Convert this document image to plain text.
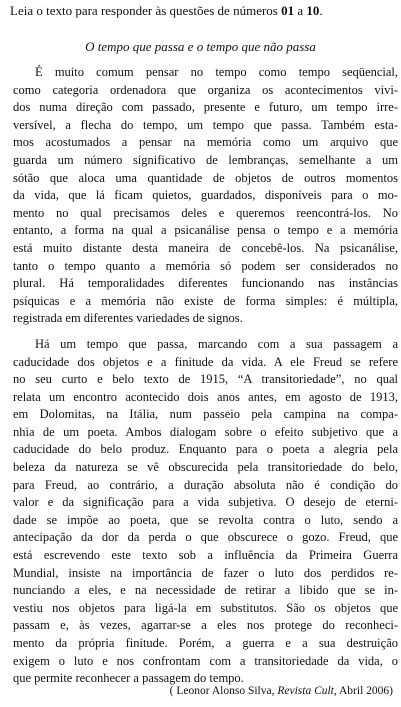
Leia o texto para responder às questões de números 01 a 10.

O tempo que passa e o tempo que não passa

É muito comum pensar no tempo como tempo seqüencial,
como categoria ordenadora que organiza os acontecimentos vivi-
dos numa direção com passado, presente e futuro, um tempo irre-
versível, a flecha do tempo, um tempo que passa. Também esta-
mos acostumados a pensar na memória como um arquivo que
guarda um número significativo de lembranças, semelhante a um
sótão que aloca uma quantidade de objetos de outros momentos
da vida, que lá ficam quietos, guardados, disponíveis para o mo-
mento no qual precisamos deles e queremos reencontrá-los. No
entanto, a forma na qual a psicanálise pensa o tempo e a memória
está muito distante desta maneira de concebê-los. Na psicanálise,
tanto o tempo quanto a memória só podem ser considerados no
plural. Há temporalidades diferentes funcionando nas instâncias
psíquicas e a memória não existe de forma simples: é múltipla,
registrada em diferentes variedades de signos.
Há um tempo que passa, marcando com a sua passagem a
caducidade dos objetos e a finitude da vida. A ele Freud se refere
no seu curto e belo texto de 1915, “A transitoriedade”, no qual
relata um encontro acontecido dois anos antes, em agosto de 1913,
em Dolomitas, na Itália, num passeio pela campina na compa-
nhia de um poeta. Ambos dialogam sobre o efeito subjetivo que a
caducidade do belo produz. Enquanto para o poeta a alegria pela
beleza da natureza se vê obscurecida pela transitoriedade do belo,
para Freud, ao contrário, a duração absoluta não é condição do
valor e da significação para a vida subjetiva. O desejo de eterni-
dade se impõe ao poeta, que se revolta contra o luto, sendo a
antecipação da dor da perda o que obscurece o gozo. Freud, que
está escrevendo este texto sob a influência da Primeira Guerra
Mundial, insiste na importância de fazer o luto dos perdidos re-
nunciando a eles, e na necessidade de retirar a libido que se in-
vestiu nos objetos para ligá-la em substitutos. São os objetos que
passam e, às vezes, agarrar-se a eles nos protege do reconheci-
mento da própria finitude. Porém, a guerra e a sua destruição
exigem o luto e nos confrontam com a transitoriedade da vida, o
que permite reconhecer a passagem do tempo.

( Leonor Alonso Silva, Revista Cult, Abril 2006)
